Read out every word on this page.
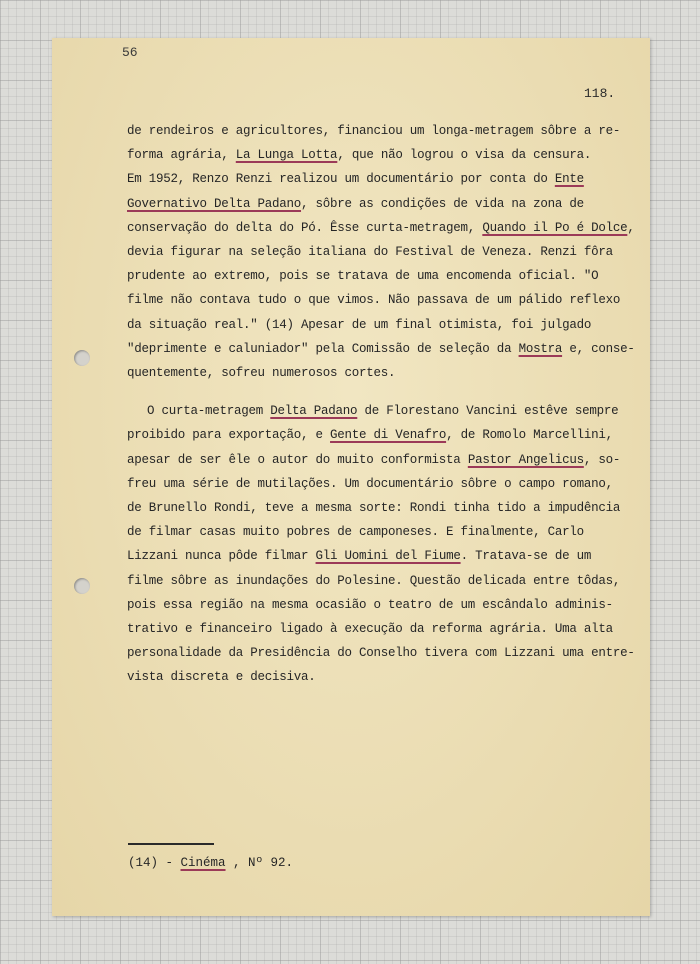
56
118.
de rendeiros e agricultores, financiou um longa-metragem sôbre a re-
forma agrária, La Lunga Lotta, que não logrou o visa da censura.
Em 1952, Renzo Renzi realizou um documentário por conta do Ente
Governativo Delta Padano, sôbre as condições de vida na zona de
conservação do delta do Pó. Êsse curta-metragem, Quando il Po é Dolce,
devia figurar na seleção italiana do Festival de Veneza. Renzi fôra
prudente ao extremo, pois se tratava de uma encomenda oficial. "O
filme não contava tudo o que vimos. Não passava de um pálido reflexo
da situação real." (14) Apesar de um final otimista, foi julgado
"deprimente e caluniador" pela Comissão de seleção da Mostra e, conse-
quentemente, sofreu numerosos cortes.
O curta-metragem Delta Padano de Florestano Vancini estêve sempre
proibido para exportação, e Gente di Venafro, de Romolo Marcellini,
apesar de ser êle o autor do muito conformista Pastor Angelicus, so-
freu uma série de mutilações. Um documentário sôbre o campo romano,
de Brunello Rondi, teve a mesma sorte: Rondi tinha tido a impudência
de filmar casas muito pobres de camponeses. E finalmente, Carlo
Lizzani nunca pôde filmar Gli Uomini del Fiume. Tratava-se de um
filme sôbre as inundações do Polesine. Questão delicada entre tôdas,
pois essa região na mesma ocasião o teatro de um escândalo adminis-
trativo e financeiro ligado à execução da reforma agrária. Uma alta
personalidade da Presidência do Conselho tivera com Lizzani uma entre-
vista discreta e decisiva.
(14) - Cinéma , Nº 92.
